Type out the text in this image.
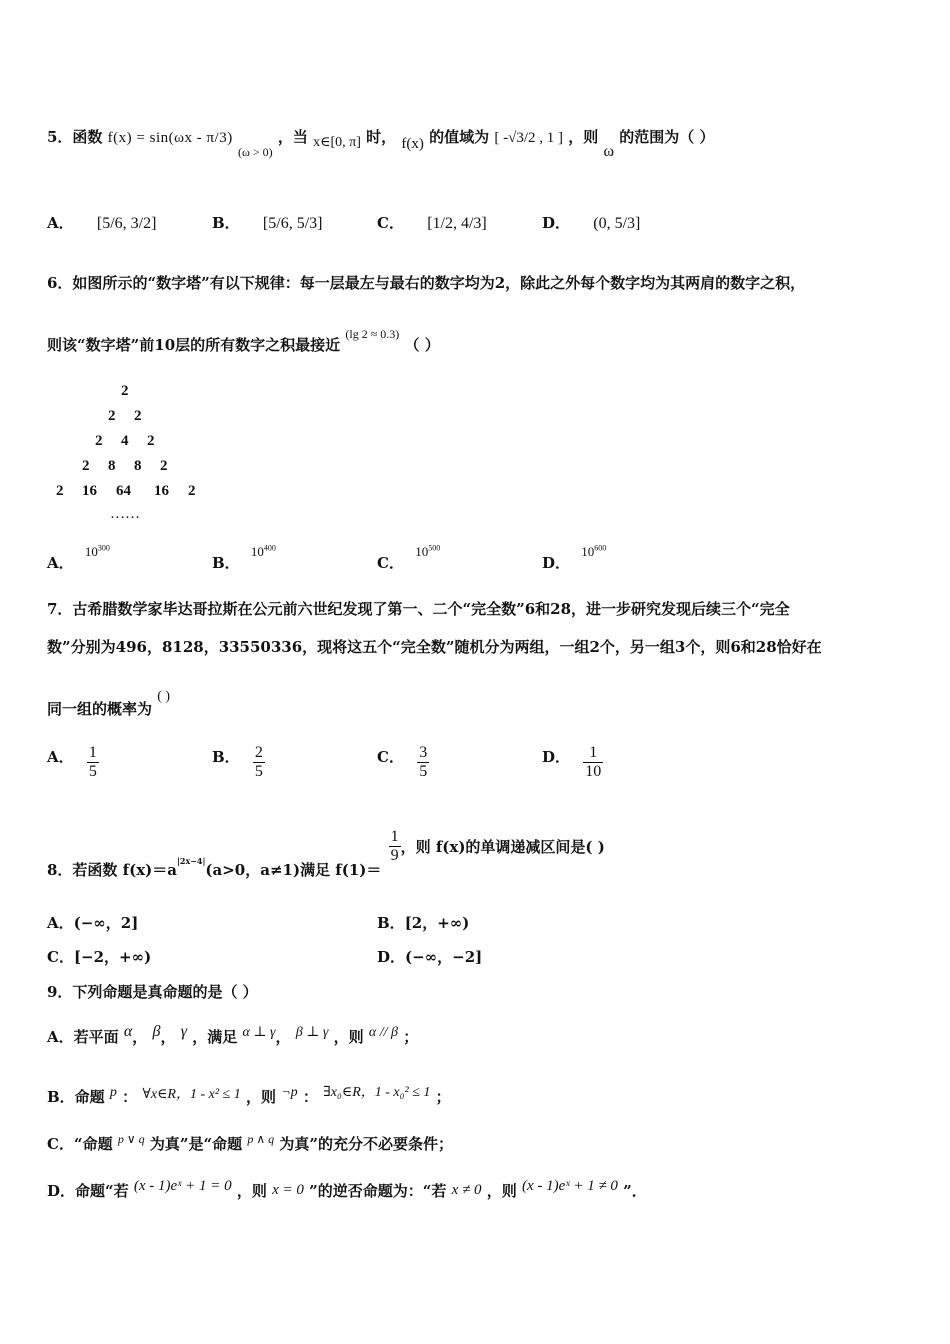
5．函数 f(x) = sin(ωx - π/3) $_{(\omega > 0)}$ ，当 x∈[0, π] 时， f(x) 的值域为 [ -√3/2 , 1 ] ，则 ω 的范围为（ ）
A． [5/6, 3/2]	B． [5/6, 5/3]	C． [1/2, 4/3]	D． (0, 5/3]
6．如图所示的“数字塔”有以下规律：每一层最左与最右的数字均为2，除此之外每个数字均为其两肩的数字之积，
则该“数字塔”前10层的所有数字之积最接近 $^{(lg 2 \approx 0.3)}$ （ ）
2
2 2
2 4 2
2 8 8 2
2 16 64 16 2
……
A． $10^{300}$
B． $10^{400}$
C． $10^{500}$
D． $10^{600}$
7．古希腊数学家毕达哥拉斯在公元前六世纪发现了第一、二个“完全数”6和28，进一步研究发现后续三个“完全
数”分别为496，8128，33550336，现将这五个“完全数”随机分为两组，一组2个，另一组3个，则6和28恰好在
同一组的概率为 ( )
A． $\frac{1}{5}$	B． $\frac{2}{5}$	C． $\frac{3}{5}$	D． $\frac{1}{10}$
8．若函数 $f(x)=a^{|2x-4|}(a>0$，a≠1)满足 f(1)＝
$\frac{1}{9}$ ，则 f(x)的单调递减区间是( )
A．(−∞，2]	B．[2，+∞)
C．[−2，+∞)	D．(−∞，−2]
9．下列命题是真命题的是（ ）
A．若平面 α， β， γ ，满足 α ⊥ γ， β ⊥ γ ，则 α // β ；
B．命题 p ： ∀x∈R，1 - x² ≤ 1 ，则 ¬p ： ∃x₀∈R，1 - x₀² ≤ 1 ；
C．“命题 $^{p \vee q}$ 为真”是“命题 $^{p \wedge q}$ 为真”的充分不必要条件；
D．命题“若 (x - 1)eˣ + 1 = 0 ，则 x = 0 ”的逆否命题为：“若 x ≠ 0 ，则 (x - 1)eˣ + 1 ≠ 0 ”．
